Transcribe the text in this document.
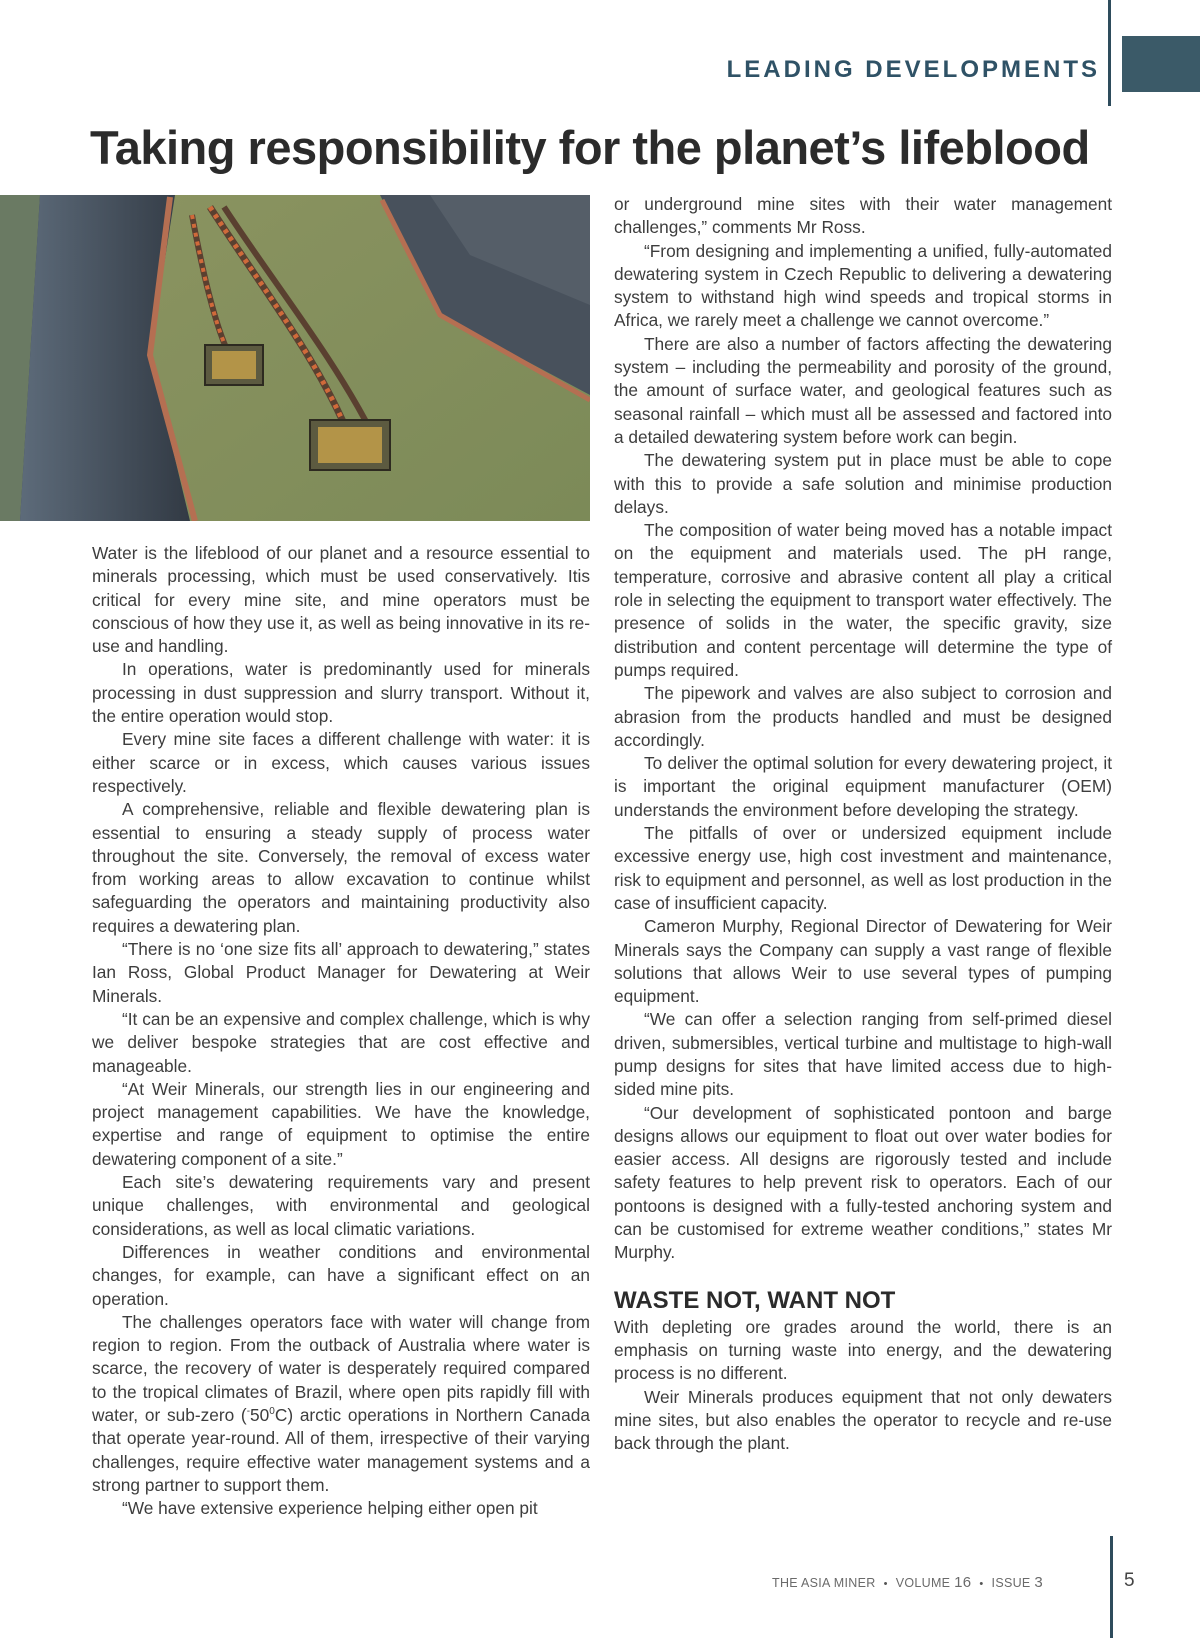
LEADING DEVELOPMENTS
Taking responsibility for the planet’s lifeblood

Water is the lifeblood of our planet and a resource essential to minerals processing, which must be used conservatively. Itis critical for every mine site, and mine operators must be conscious of how they use it, as well as being innovative in its re-use and handling.

In operations, water is predominantly used for minerals processing in dust suppression and slurry transport. Without it, the entire operation would stop.

Every mine site faces a different challenge with water: it is either scarce or in excess, which causes various issues respectively.

A comprehensive, reliable and flexible dewatering plan is essential to ensuring a steady supply of process water throughout the site. Conversely, the removal of excess water from working areas to allow excavation to continue whilst safeguarding the operators and maintaining productivity also requires a dewatering plan.

“There is no ‘one size fits all’ approach to dewatering,” states Ian Ross, Global Product Manager for Dewatering at Weir Minerals.

“It can be an expensive and complex challenge, which is why we deliver bespoke strategies that are cost effective and manageable.

“At Weir Minerals, our strength lies in our engineering and project management capabilities. We have the knowledge, expertise and range of equipment to optimise the entire dewatering component of a site.”

Each site’s dewatering requirements vary and present unique challenges, with environmental and geological considerations, as well as local climatic variations.

Differences in weather conditions and environmental changes, for example, can have a significant effect on an operation.

The challenges operators face with water will change from region to region. From the outback of Australia where water is scarce, the recovery of water is desperately required compared to the tropical climates of Brazil, where open pits rapidly fill with water, or sub-zero $(^-50^0C)$ arctic operations in Northern Canada that operate year-round. All of them, irrespective of their varying challenges, require effective water management systems and a strong partner to support them.

“We have extensive experience helping either open pit

or underground mine sites with their water management challenges,” comments Mr Ross.

“From designing and implementing a unified, fully-automated dewatering system in Czech Republic to delivering a dewatering system to withstand high wind speeds and tropical storms in Africa, we rarely meet a challenge we cannot overcome.”

There are also a number of factors affecting the dewatering system – including the permeability and porosity of the ground, the amount of surface water, and geological features such as seasonal rainfall – which must all be assessed and factored into a detailed dewatering system before work can begin.

The dewatering system put in place must be able to cope with this to provide a safe solution and minimise production delays.

The composition of water being moved has a notable impact on the equipment and materials used. The pH range, temperature, corrosive and abrasive content all play a critical role in selecting the equipment to transport water effectively. The presence of solids in the water, the specific gravity, size distribution and content percentage will determine the type of pumps required.

The pipework and valves are also subject to corrosion and abrasion from the products handled and must be designed accordingly.

To deliver the optimal solution for every dewatering project, it is important the original equipment manufacturer (OEM) understands the environment before developing the strategy.

The pitfalls of over or undersized equipment include excessive energy use, high cost investment and maintenance, risk to equipment and personnel, as well as lost production in the case of insufficient capacity.

Cameron Murphy, Regional Director of Dewatering for Weir Minerals says the Company can supply a vast range of flexible solutions that allows Weir to use several types of pumping equipment.

“We can offer a selection ranging from self-primed diesel driven, submersibles, vertical turbine and multistage to high-wall pump designs for sites that have limited access due to high-sided mine pits.

“Our development of sophisticated pontoon and barge designs allows our equipment to float out over water bodies for easier access. All designs are rigorously tested and include safety features to help prevent risk to operators. Each of our pontoons is designed with a fully-tested anchoring system and can be customised for extreme weather conditions,” states Mr Murphy.

WASTE NOT, WANT NOT

With depleting ore grades around the world, there is an emphasis on turning waste into energy, and the dewatering process is no different.

Weir Minerals produces equipment that not only dewaters mine sites, but also enables the operator to recycle and re-use back through the plant.

THE ASIA MINER • VOLUME 16 • ISSUE 3	5
